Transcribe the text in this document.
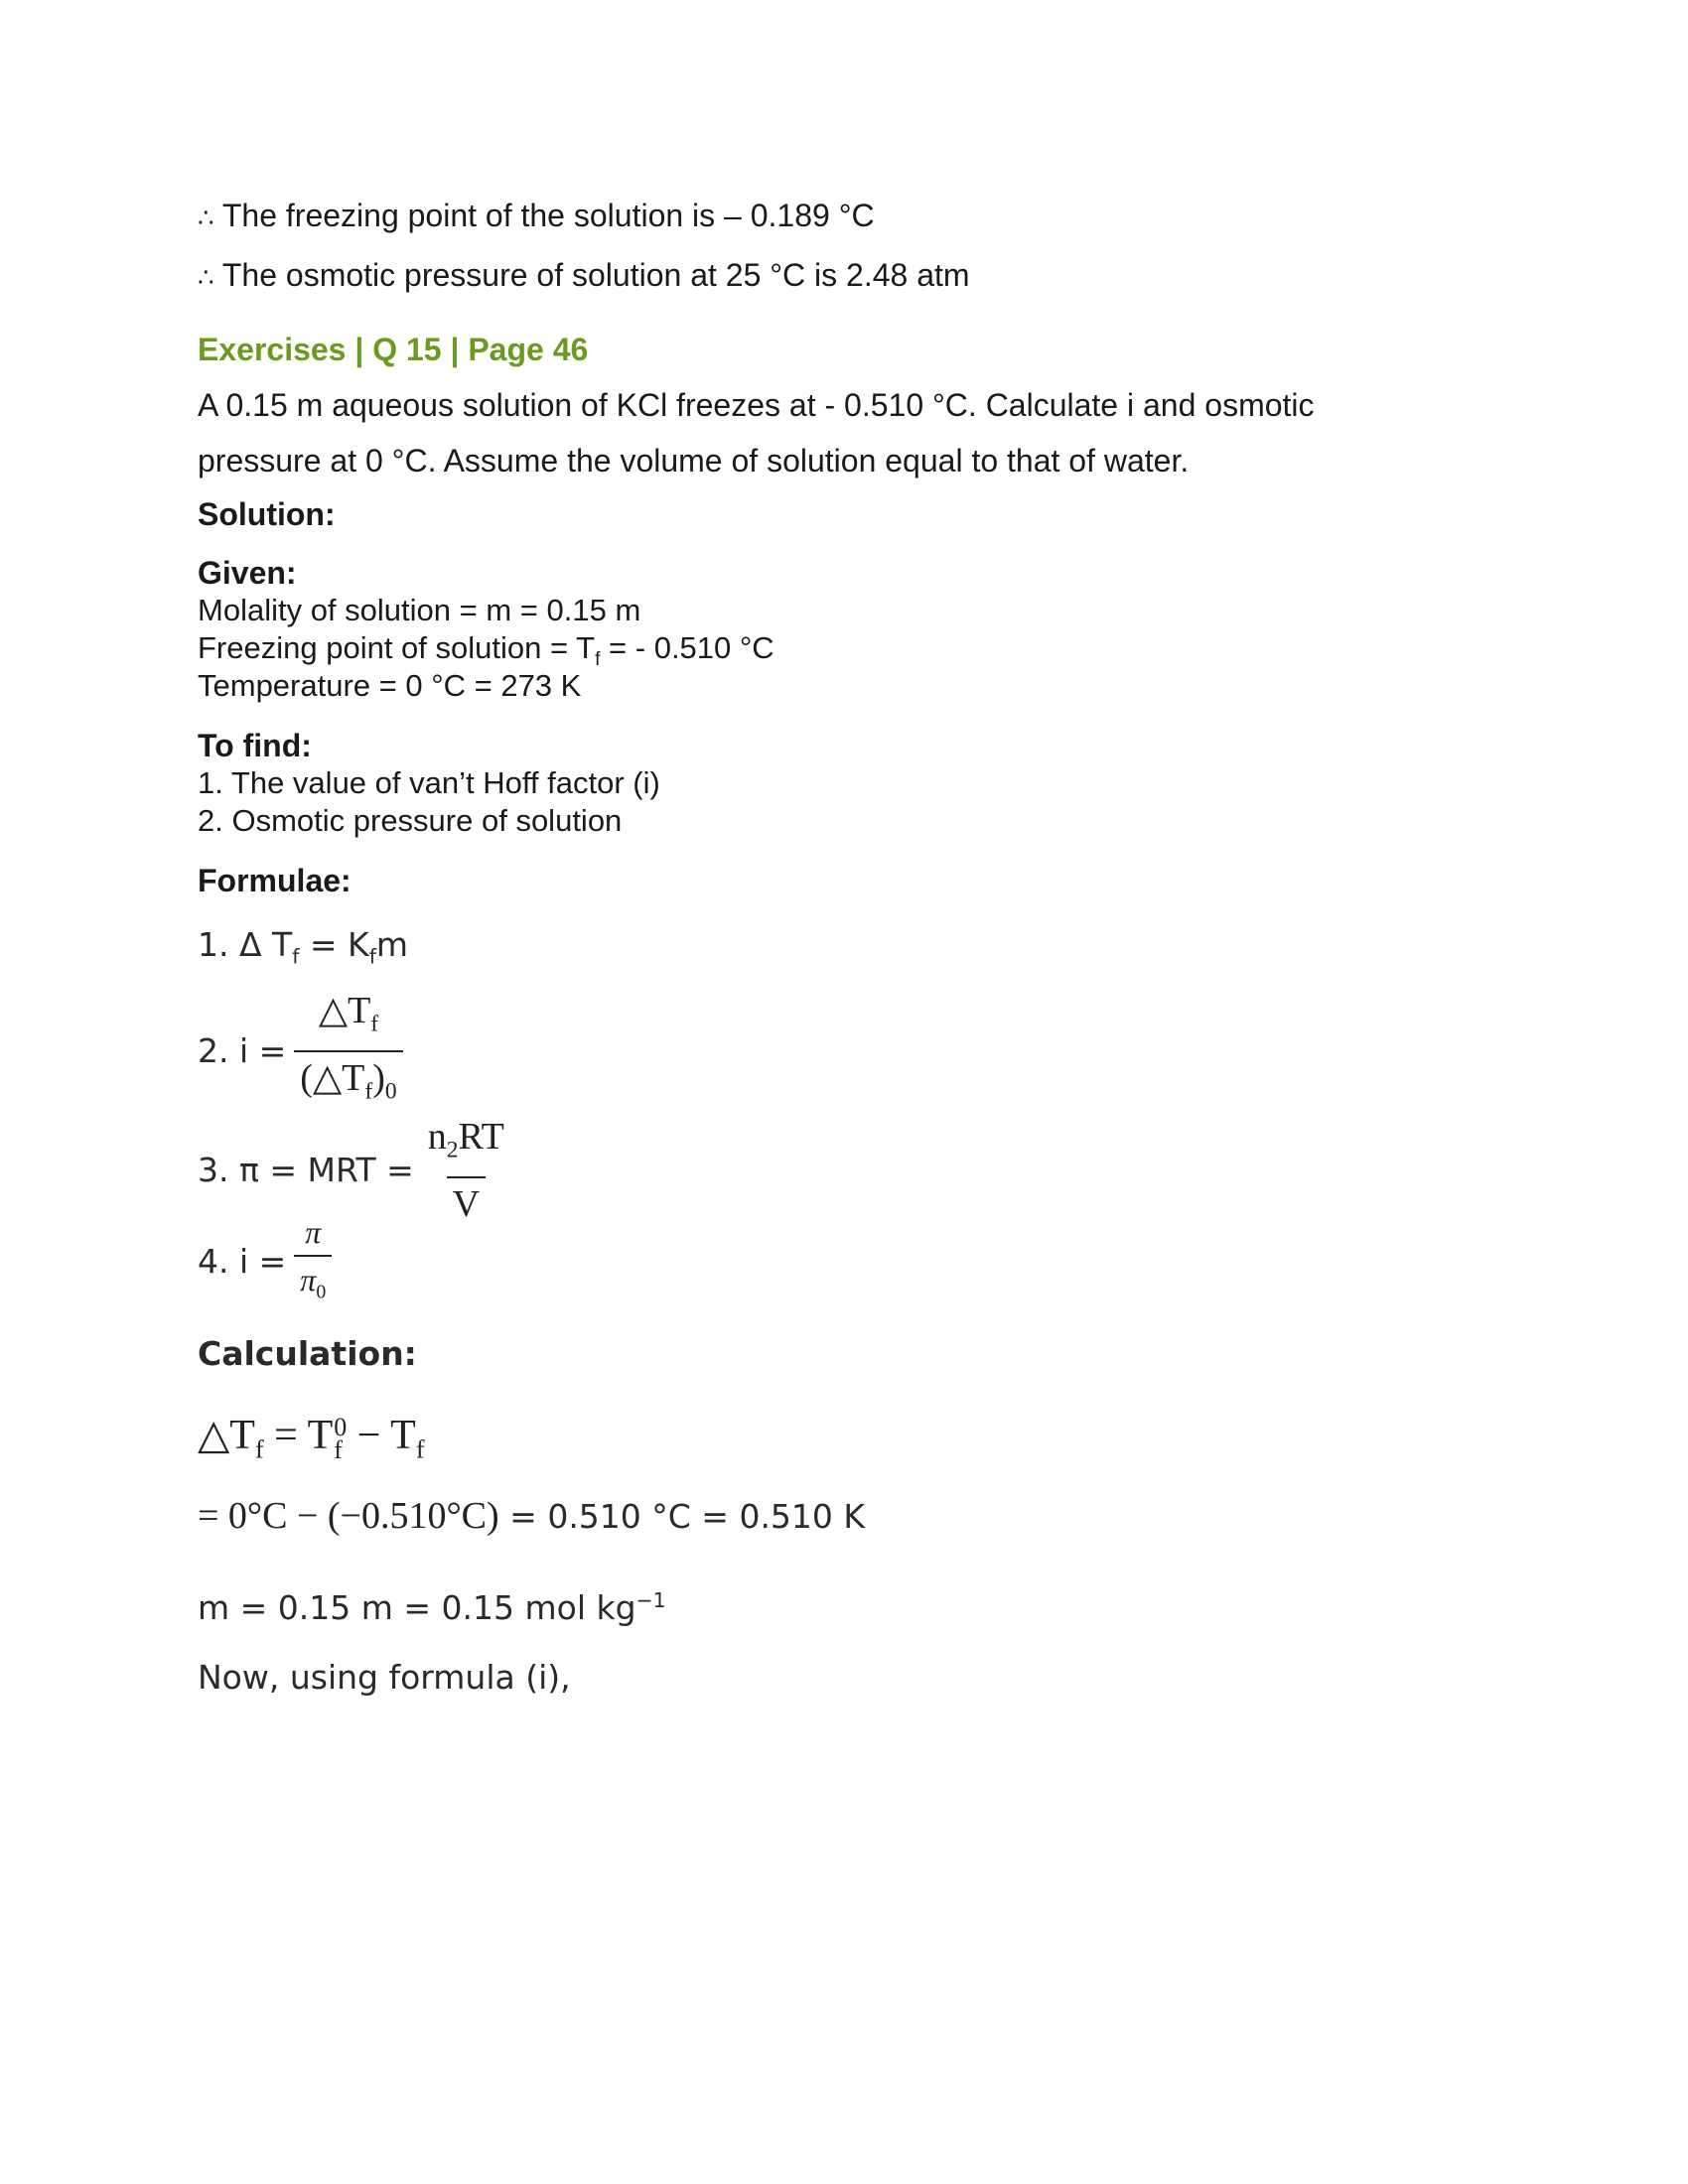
∴ The freezing point of the solution is – 0.189 °C
∴ The osmotic pressure of solution at 25 °C is 2.48 atm
Exercises | Q 15 | Page 46
A 0.15 m aqueous solution of KCl freezes at - 0.510 °C. Calculate i and osmotic
pressure at 0 °C. Assume the volume of solution equal to that of water.
Solution:
Given:
Molality of solution = m = 0.15 m
Freezing point of solution = $T_f$ = - 0.510 °C
Temperature = 0 °C = 273 K
To find:
1. The value of van’t Hoff factor (i)
2. Osmotic pressure of solution
Formulae:
1. Δ $T_f = K_fm$
2. $i = \frac{\triangle T_f}{(\triangle T_f)_0}$
3. π = MRT = $\frac{n_2RT}{V}$
4. $i = \frac{\pi}{\pi_0}$
Calculation:
$\triangle T_f = T$ 0
$f - T_f$
= 0°C − (−0.510°C) = 0.510 °C = 0.510 K
m = 0.15 m = 0.15 mol $kg^{-1}$
Now, using formula (i),
